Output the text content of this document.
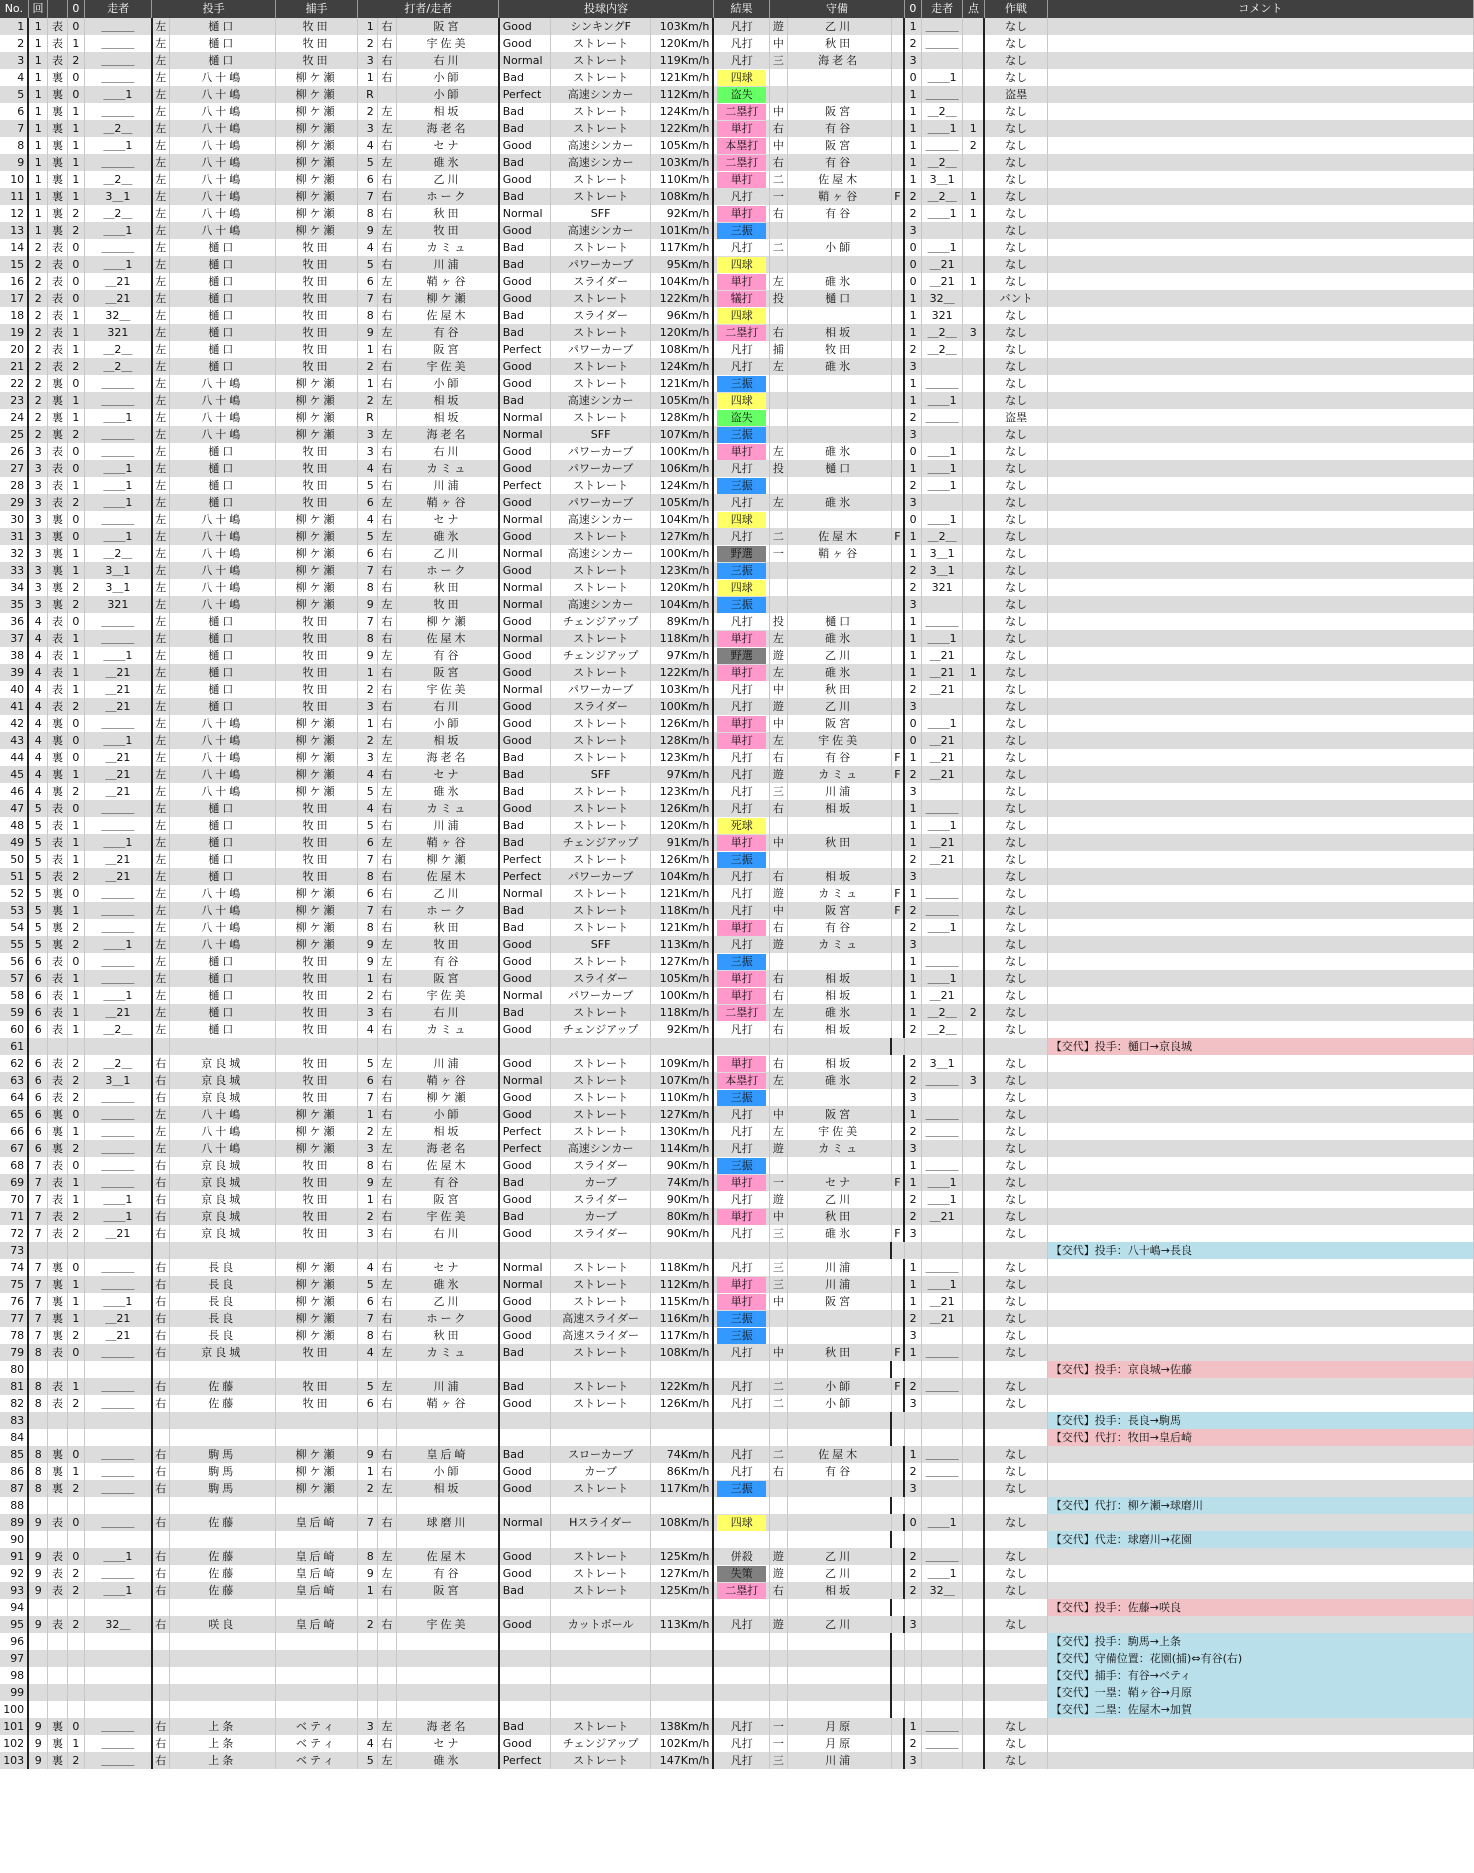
No.	回		0	走者	投手		捕手	打者/走者			投球内容			結果	守備			0	走者	点	作戦	コメント
1	1	表	0	＿＿＿	左	樋口	牧田	1	右	阪宮	Good	シンキングF	103Km/h	凡打	遊	乙川		1	＿＿＿		なし	
2	1	表	1	＿＿＿	左	樋口	牧田	2	右	宇佐美	Good	ストレート	120Km/h	凡打	中	秋田		2	＿＿＿		なし	
3	1	表	2	＿＿＿	左	樋口	牧田	3	右	右川	Normal	ストレート	119Km/h	凡打	三	海老名		3			なし	
4	1	裏	0	＿＿＿	左	八十嶋	柳ケ瀬	1	右	小師	Bad	ストレート	121Km/h	四球				0	＿＿1		なし	
5	1	裏	0	＿＿1	左	八十嶋	柳ケ瀬	R		小師	Perfect	高速シンカー	112Km/h	盗失				1	＿＿＿		盗塁	
6	1	裏	1	＿＿＿	左	八十嶋	柳ケ瀬	2	左	相坂	Bad	ストレート	124Km/h	二塁打	中	阪宮		1	＿2＿		なし	
7	1	裏	1	＿2＿	左	八十嶋	柳ケ瀬	3	左	海老名	Bad	ストレート	122Km/h	単打	右	有谷		1	＿＿1	1	なし	
8	1	裏	1	＿＿1	左	八十嶋	柳ケ瀬	4	右	セナ	Good	高速シンカー	105Km/h	本塁打	中	阪宮		1	＿＿＿	2	なし	
9	1	裏	1	＿＿＿	左	八十嶋	柳ケ瀬	5	左	碓氷	Bad	高速シンカー	103Km/h	二塁打	右	有谷		1	＿2＿		なし	
10	1	裏	1	＿2＿	左	八十嶋	柳ケ瀬	6	右	乙川	Good	ストレート	110Km/h	単打	二	佐屋木		1	3＿1		なし	
11	1	裏	1	3＿1	左	八十嶋	柳ケ瀬	7	右	ホーク	Bad	ストレート	108Km/h	凡打	一	鞘ヶ谷	F	2	＿2＿	1	なし	
12	1	裏	2	＿2＿	左	八十嶋	柳ケ瀬	8	右	秋田	Normal	SFF	92Km/h	単打	右	有谷		2	＿＿1	1	なし	
13	1	裏	2	＿＿1	左	八十嶋	柳ケ瀬	9	左	牧田	Good	高速シンカー	101Km/h	三振				3			なし	
14	2	表	0	＿＿＿	左	樋口	牧田	4	右	カミュ	Bad	ストレート	117Km/h	凡打	二	小師		0	＿＿1		なし	
15	2	表	0	＿＿1	左	樋口	牧田	5	右	川浦	Bad	パワーカーブ	95Km/h	四球				0	＿21		なし	
16	2	表	0	＿21	左	樋口	牧田	6	左	鞘ヶ谷	Good	スライダー	104Km/h	単打	左	碓氷		0	＿21	1	なし	
17	2	表	0	＿21	左	樋口	牧田	7	右	柳ケ瀬	Good	ストレート	122Km/h	犠打	投	樋口		1	32＿		バント	
18	2	表	1	32＿	左	樋口	牧田	8	右	佐屋木	Bad	スライダー	96Km/h	四球				1	321		なし	
19	2	表	1	321	左	樋口	牧田	9	左	有谷	Bad	ストレート	120Km/h	二塁打	右	相坂		1	＿2＿	3	なし	
20	2	表	1	＿2＿	左	樋口	牧田	1	右	阪宮	Perfect	パワーカーブ	108Km/h	凡打	捕	牧田		2	＿2＿		なし	
21	2	表	2	＿2＿	左	樋口	牧田	2	右	宇佐美	Good	ストレート	124Km/h	凡打	左	碓氷		3			なし	
22	2	裏	0	＿＿＿	左	八十嶋	柳ケ瀬	1	右	小師	Good	ストレート	121Km/h	三振				1	＿＿＿		なし	
23	2	裏	1	＿＿＿	左	八十嶋	柳ケ瀬	2	左	相坂	Bad	高速シンカー	105Km/h	四球				1	＿＿1		なし	
24	2	裏	1	＿＿1	左	八十嶋	柳ケ瀬	R		相坂	Normal	ストレート	128Km/h	盗失				2	＿＿＿		盗塁	
25	2	裏	2	＿＿＿	左	八十嶋	柳ケ瀬	3	左	海老名	Normal	SFF	107Km/h	三振				3			なし	
26	3	表	0	＿＿＿	左	樋口	牧田	3	右	右川	Good	パワーカーブ	100Km/h	単打	左	碓氷		0	＿＿1		なし	
27	3	表	0	＿＿1	左	樋口	牧田	4	右	カミュ	Good	パワーカーブ	106Km/h	凡打	投	樋口		1	＿＿1		なし	
28	3	表	1	＿＿1	左	樋口	牧田	5	右	川浦	Perfect	ストレート	124Km/h	三振				2	＿＿1		なし	
29	3	表	2	＿＿1	左	樋口	牧田	6	左	鞘ヶ谷	Good	パワーカーブ	105Km/h	凡打	左	碓氷		3			なし	
30	3	裏	0	＿＿＿	左	八十嶋	柳ケ瀬	4	右	セナ	Normal	高速シンカー	104Km/h	四球				0	＿＿1		なし	
31	3	裏	0	＿＿1	左	八十嶋	柳ケ瀬	5	左	碓氷	Good	ストレート	127Km/h	凡打	二	佐屋木	F	1	＿2＿		なし	
32	3	裏	1	＿2＿	左	八十嶋	柳ケ瀬	6	右	乙川	Normal	高速シンカー	100Km/h	野選	一	鞘ヶ谷		1	3＿1		なし	
33	3	裏	1	3＿1	左	八十嶋	柳ケ瀬	7	右	ホーク	Good	ストレート	123Km/h	三振				2	3＿1		なし	
34	3	裏	2	3＿1	左	八十嶋	柳ケ瀬	8	右	秋田	Normal	ストレート	120Km/h	四球				2	321		なし	
35	3	裏	2	321	左	八十嶋	柳ケ瀬	9	左	牧田	Normal	高速シンカー	104Km/h	三振				3			なし	
36	4	表	0	＿＿＿	左	樋口	牧田	7	右	柳ケ瀬	Good	チェンジアップ	89Km/h	凡打	投	樋口		1	＿＿＿		なし	
37	4	表	1	＿＿＿	左	樋口	牧田	8	右	佐屋木	Normal	ストレート	118Km/h	単打	左	碓氷		1	＿＿1		なし	
38	4	表	1	＿＿1	左	樋口	牧田	9	左	有谷	Good	チェンジアップ	97Km/h	野選	遊	乙川		1	＿21		なし	
39	4	表	1	＿21	左	樋口	牧田	1	右	阪宮	Good	ストレート	122Km/h	単打	左	碓氷		1	＿21	1	なし	
40	4	表	1	＿21	左	樋口	牧田	2	右	宇佐美	Normal	パワーカーブ	103Km/h	凡打	中	秋田		2	＿21		なし	
41	4	表	2	＿21	左	樋口	牧田	3	右	右川	Good	スライダー	100Km/h	凡打	遊	乙川		3			なし	
42	4	裏	0	＿＿＿	左	八十嶋	柳ケ瀬	1	右	小師	Good	ストレート	126Km/h	単打	中	阪宮		0	＿＿1		なし	
43	4	裏	0	＿＿1	左	八十嶋	柳ケ瀬	2	左	相坂	Good	ストレート	128Km/h	単打	左	宇佐美		0	＿21		なし	
44	4	裏	0	＿21	左	八十嶋	柳ケ瀬	3	左	海老名	Bad	ストレート	123Km/h	凡打	右	有谷	F	1	＿21		なし	
45	4	裏	1	＿21	左	八十嶋	柳ケ瀬	4	右	セナ	Bad	SFF	97Km/h	凡打	遊	カミュ	F	2	＿21		なし	
46	4	裏	2	＿21	左	八十嶋	柳ケ瀬	5	左	碓氷	Bad	ストレート	123Km/h	凡打	三	川浦		3			なし	
47	5	表	0	＿＿＿	左	樋口	牧田	4	右	カミュ	Good	ストレート	126Km/h	凡打	右	相坂		1	＿＿＿		なし	
48	5	表	1	＿＿＿	左	樋口	牧田	5	右	川浦	Bad	ストレート	120Km/h	死球				1	＿＿1		なし	
49	5	表	1	＿＿1	左	樋口	牧田	6	左	鞘ヶ谷	Bad	チェンジアップ	91Km/h	単打	中	秋田		1	＿21		なし	
50	5	表	1	＿21	左	樋口	牧田	7	右	柳ケ瀬	Perfect	ストレート	126Km/h	三振				2	＿21		なし	
51	5	表	2	＿21	左	樋口	牧田	8	右	佐屋木	Perfect	パワーカーブ	104Km/h	凡打	右	相坂		3			なし	
52	5	裏	0	＿＿＿	左	八十嶋	柳ケ瀬	6	右	乙川	Normal	ストレート	121Km/h	凡打	遊	カミュ	F	1	＿＿＿		なし	
53	5	裏	1	＿＿＿	左	八十嶋	柳ケ瀬	7	右	ホーク	Bad	ストレート	118Km/h	凡打	中	阪宮	F	2	＿＿＿		なし	
54	5	裏	2	＿＿＿	左	八十嶋	柳ケ瀬	8	右	秋田	Bad	ストレート	121Km/h	単打	右	有谷		2	＿＿1		なし	
55	5	裏	2	＿＿1	左	八十嶋	柳ケ瀬	9	左	牧田	Good	SFF	113Km/h	凡打	遊	カミュ		3			なし	
56	6	表	0	＿＿＿	左	樋口	牧田	9	左	有谷	Good	ストレート	127Km/h	三振				1	＿＿＿		なし	
57	6	表	1	＿＿＿	左	樋口	牧田	1	右	阪宮	Good	スライダー	105Km/h	単打	右	相坂		1	＿＿1		なし	
58	6	表	1	＿＿1	左	樋口	牧田	2	右	宇佐美	Normal	パワーカーブ	100Km/h	単打	右	相坂		1	＿21		なし	
59	6	表	1	＿21	左	樋口	牧田	3	右	右川	Bad	ストレート	118Km/h	二塁打	左	碓氷		1	＿2＿	2	なし	
60	6	表	1	＿2＿	左	樋口	牧田	4	右	カミュ	Good	チェンジアップ	92Km/h	凡打	右	相坂		2	＿2＿		なし	
61																						【交代】投手：樋口→京良城
62	6	表	2	＿2＿	右	京良城	牧田	5	左	川浦	Good	ストレート	109Km/h	単打	右	相坂		2	3＿1		なし	
63	6	表	2	3＿1	右	京良城	牧田	6	右	鞘ヶ谷	Normal	ストレート	107Km/h	本塁打	左	碓氷		2	＿＿＿	3	なし	
64	6	表	2	＿＿＿	右	京良城	牧田	7	右	柳ケ瀬	Good	ストレート	110Km/h	三振				3			なし	
65	6	裏	0	＿＿＿	左	八十嶋	柳ケ瀬	1	右	小師	Good	ストレート	127Km/h	凡打	中	阪宮		1	＿＿＿		なし	
66	6	裏	1	＿＿＿	左	八十嶋	柳ケ瀬	2	左	相坂	Perfect	ストレート	130Km/h	凡打	左	宇佐美		2	＿＿＿		なし	
67	6	裏	2	＿＿＿	左	八十嶋	柳ケ瀬	3	左	海老名	Perfect	高速シンカー	114Km/h	凡打	遊	カミュ		3			なし	
68	7	表	0	＿＿＿	右	京良城	牧田	8	右	佐屋木	Good	スライダー	90Km/h	三振				1	＿＿＿		なし	
69	7	表	1	＿＿＿	右	京良城	牧田	9	左	有谷	Bad	カーブ	74Km/h	単打	一	セナ	F	1	＿＿1		なし	
70	7	表	1	＿＿1	右	京良城	牧田	1	右	阪宮	Good	スライダー	90Km/h	凡打	遊	乙川		2	＿＿1		なし	
71	7	表	2	＿＿1	右	京良城	牧田	2	右	宇佐美	Bad	カーブ	80Km/h	単打	中	秋田		2	＿21		なし	
72	7	表	2	＿21	右	京良城	牧田	3	右	右川	Good	スライダー	90Km/h	凡打	三	碓氷	F	3			なし	
73																						【交代】投手：八十嶋→長良
74	7	裏	0	＿＿＿	右	長良	柳ケ瀬	4	右	セナ	Normal	ストレート	118Km/h	凡打	三	川浦		1	＿＿＿		なし	
75	7	裏	1	＿＿＿	右	長良	柳ケ瀬	5	左	碓氷	Normal	ストレート	112Km/h	単打	三	川浦		1	＿＿1		なし	
76	7	裏	1	＿＿1	右	長良	柳ケ瀬	6	右	乙川	Good	ストレート	115Km/h	単打	中	阪宮		1	＿21		なし	
77	7	裏	1	＿21	右	長良	柳ケ瀬	7	右	ホーク	Good	高速スライダー	116Km/h	三振				2	＿21		なし	
78	7	裏	2	＿21	右	長良	柳ケ瀬	8	右	秋田	Good	高速スライダー	117Km/h	三振				3			なし	
79	8	表	0	＿＿＿	右	京良城	牧田	4	左	カミュ	Bad	ストレート	108Km/h	凡打	中	秋田	F	1	＿＿＿		なし	
80																						【交代】投手：京良城→佐藤
81	8	表	1	＿＿＿	右	佐藤	牧田	5	左	川浦	Bad	ストレート	122Km/h	凡打	二	小師	F	2	＿＿＿		なし	
82	8	表	2	＿＿＿	右	佐藤	牧田	6	右	鞘ヶ谷	Good	ストレート	126Km/h	凡打	二	小師		3			なし	
83																						【交代】投手：長良→駒馬
84																						【交代】代打：牧田→皇后崎
85	8	裏	0	＿＿＿	右	駒馬	柳ケ瀬	9	右	皇后崎	Bad	スローカーブ	74Km/h	凡打	二	佐屋木		1	＿＿＿		なし	
86	8	裏	1	＿＿＿	右	駒馬	柳ケ瀬	1	右	小師	Good	カーブ	86Km/h	凡打	右	有谷		2	＿＿＿		なし	
87	8	裏	2	＿＿＿	右	駒馬	柳ケ瀬	2	左	相坂	Good	ストレート	117Km/h	三振				3			なし	
88																						【交代】代打：柳ケ瀬→球磨川
89	9	表	0	＿＿＿	右	佐藤	皇后崎	7	右	球磨川	Normal	Hスライダー	108Km/h	四球				0	＿＿1		なし	
90																						【交代】代走：球磨川→花園
91	9	表	0	＿＿1	右	佐藤	皇后崎	8	左	佐屋木	Good	ストレート	125Km/h	併殺	遊	乙川		2	＿＿＿		なし	
92	9	表	2	＿＿＿	右	佐藤	皇后崎	9	左	有谷	Good	ストレート	127Km/h	失策	遊	乙川		2	＿＿1		なし	
93	9	表	2	＿＿1	右	佐藤	皇后崎	1	右	阪宮	Bad	ストレート	125Km/h	二塁打	右	相坂		2	32＿		なし	
94																						【交代】投手：佐藤→咲良
95	9	表	2	32＿	右	咲良	皇后崎	2	右	宇佐美	Good	カットボール	113Km/h	凡打	遊	乙川		3			なし	
96																						【交代】投手：駒馬→上条
97																						【交代】守備位置：花園(捕)⇔有谷(右)
98																						【交代】捕手：有谷→ベティ
99																						【交代】一塁：鞘ヶ谷→月原
100																						【交代】二塁：佐屋木→加賀
101	9	裏	0	＿＿＿	右	上条	ベティ	3	左	海老名	Bad	ストレート	138Km/h	凡打	一	月原		1	＿＿＿		なし	
102	9	裏	1	＿＿＿	右	上条	ベティ	4	右	セナ	Good	チェンジアップ	102Km/h	凡打	一	月原		2	＿＿＿		なし	
103	9	裏	2	＿＿＿	右	上条	ベティ	5	左	碓氷	Perfect	ストレート	147Km/h	凡打	三	川浦		3			なし	
